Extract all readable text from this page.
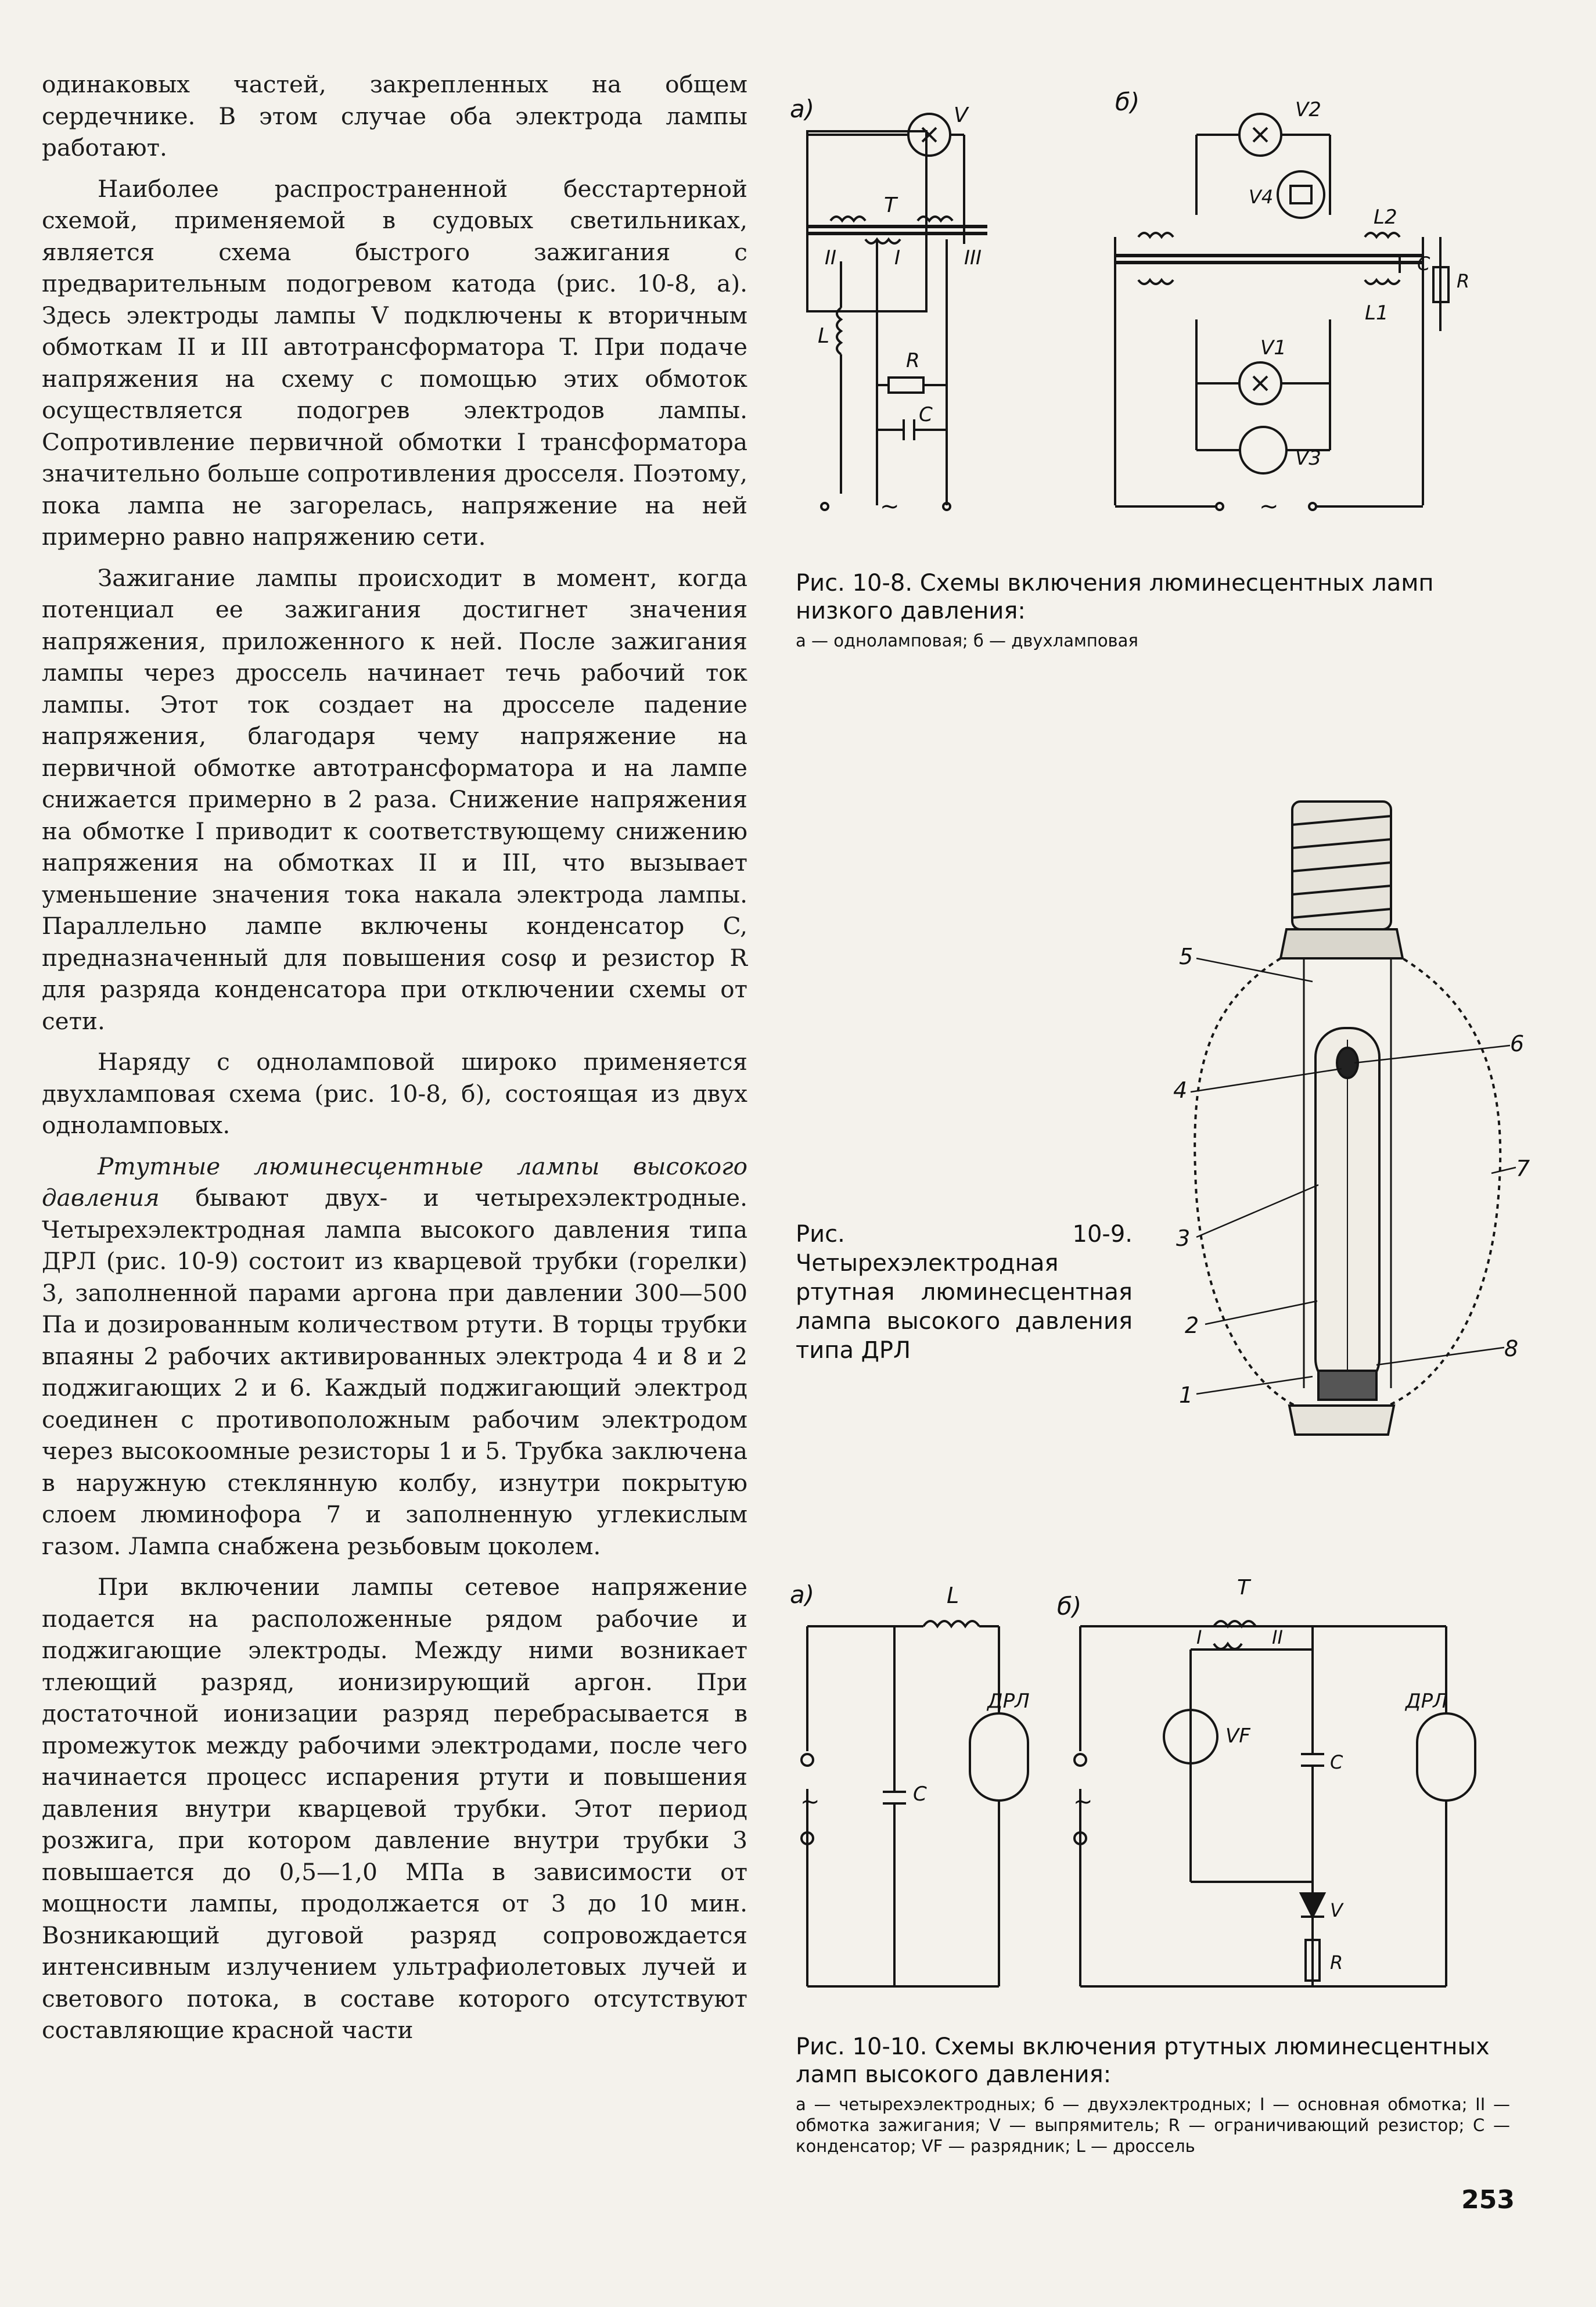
одинаковых частей, закрепленных на общем сердечнике. В этом случае оба электрода лампы работают.

Наиболее распространенной бесстартерной схемой, применяемой в судовых светильниках, является схема быстрого зажигания с предварительным подогревом катода (рис. 10-8, а). Здесь электроды лампы V подключены к вторичным обмоткам II и III автотрансформатора T. При подаче напряжения на схему с помощью этих обмоток осуществляется подогрев электродов лампы. Сопротивление первичной обмотки I трансформатора значительно больше сопротивления дросселя. Поэтому, пока лампа не загорелась, напряжение на ней примерно равно напряжению сети.

Зажигание лампы происходит в момент, когда потенциал ее зажигания достигнет значения напряжения, приложенного к ней. После зажигания лампы через дроссель начинает течь рабочий ток лампы. Этот ток создает на дросселе падение напряжения, благодаря чему напряжение на первичной обмотке автотрансформатора и на лампе снижается примерно в 2 раза. Снижение напряжения на обмотке I приводит к соответствующему снижению напряжения на обмотках II и III, что вызывает уменьшение значения тока накала электрода лампы. Параллельно лампе включены конденсатор C, предназначенный для повышения cosφ и резистор R для разряда конденсатора при отключении схемы от сети.

Наряду с одноламповой широко применяется двухламповая схема (рис. 10-8, б), состоящая из двух одноламповых.

Ртутные люминесцентные лампы высокого давления бывают двух- и четырехэлектродные. Четырехэлектродная лампа высокого давления типа ДРЛ (рис. 10-9) состоит из кварцевой трубки (горелки) 3, заполненной парами аргона при давлении 300—500 Па и дозированным количеством ртути. В торцы трубки впаяны 2 рабочих активированных электрода 4 и 8 и 2 поджигающих 2 и 6. Каждый поджигающий электрод соединен с противоположным рабочим электродом через высокоомные резисторы 1 и 5. Трубка заключена в наружную стеклянную колбу, изнутри покрытую слоем люминофора 7 и заполненную углекислым газом. Лампа снабжена резьбовым цоколем.

При включении лампы сетевое напряжение подается на расположенные рядом рабочие и поджигающие электроды. Между ними возникает тлеющий разряд, ионизирующий аргон. При достаточной ионизации разряд перебрасывается в промежуток между рабочими электродами, после чего начинается процесс испарения ртути и повышения давления внутри кварцевой трубки. Этот период розжига, при котором давление внутри трубки 3 повышается до 0,5—1,0 МПа в зависимости от мощности лампы, продолжается от 3 до 10 мин. Возникающий дуговой разряд сопровождается интенсивным излучением ультрафиолетовых лучей и светового потока, в составе которого отсутствуют составляющие красной части

а)	V
T
II	I	III
L
R
C
~
б)	V2
V4
L2
C
R
V1
L1
V3
~
Рис. 10-8. Схемы включения люминесцентных ламп низкого давления:
а — одноламповая; б — двухламповая
1
2
3
4
5
6
7
8
Рис. 10-9. Четырехэлектродная ртутная люминесцентная лампа высокого давления типа ДРЛ
а)	L
C
ДРЛ
~
б)
T
I	II
VF
C
ДРЛ
V
R
~
Рис. 10-10. Схемы включения ртутных люминесцентных ламп высокого давления:
а — четырехэлектродных; б — двухэлектродных; I — основная обмотка; II — обмотка зажигания; V — выпрямитель; R — ограничивающий резистор; C — конденсатор; VF — разрядник; L — дроссель
253
